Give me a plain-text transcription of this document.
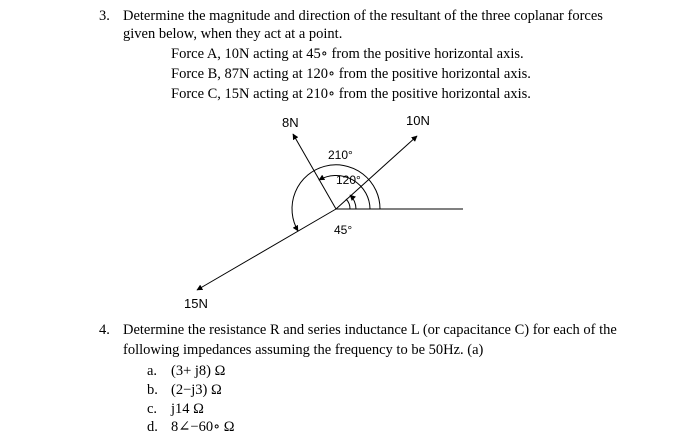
3. Determine the magnitude and direction of the resultant of the three coplanar forces
given below, when they act at a point.
Force A, 10N acting at 45∘ from the positive horizontal axis.
Force B, 87N acting at 120∘ from the positive horizontal axis.
Force C, 15N acting at 210∘ from the positive horizontal axis.
8N	10N
15N
210°
120°
45°
4. Determine the resistance R and series inductance L (or capacitance C) for each of the
following impedances assuming the frequency to be 50Hz. (a)
a. (3+ j8) Ω
b. (2−j3) Ω
c. j14 Ω
d. 8∠−60∘ Ω
